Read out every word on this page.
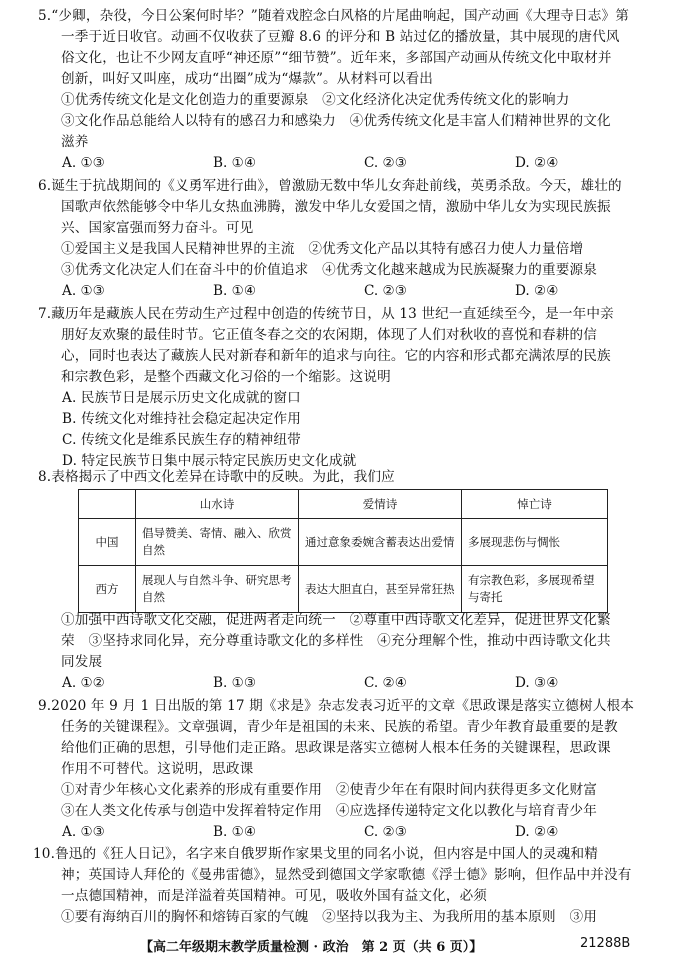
5.“少卿，杂役，今日公案何时毕？”随着戏腔念白风格的片尾曲响起，国产动画《大理寺日志》第
一季于近日收官。动画不仅收获了豆瓣 8.6 的评分和 B 站过亿的播放量，其中展现的唐代风
俗文化，也让不少网友直呼“神还原”“细节赞”。近年来，多部国产动画从传统文化中取材并
创新，叫好又叫座，成功“出圈”成为“爆款”。从材料可以看出
①优秀传统文化是文化创造力的重要源泉　②文化经济化决定优秀传统文化的影响力
③文化作品总能给人以特有的感召力和感染力　④优秀传统文化是丰富人们精神世界的文化
滋养
A. ①③	B. ①④	C. ②③	D. ②④
6.诞生于抗战期间的《义勇军进行曲》，曾激励无数中华儿女奔赴前线，英勇杀敌。今天，雄壮的
国歌声依然能够令中华儿女热血沸腾，激发中华儿女爱国之情，激励中华儿女为实现民族振
兴、国家富强而努力奋斗。可见
①爱国主义是我国人民精神世界的主流　②优秀文化产品以其特有感召力使人力量倍增
③优秀文化决定人们在奋斗中的价值追求　④优秀文化越来越成为民族凝聚力的重要源泉
A. ①③	B. ①④	C. ②③	D. ②④
7.藏历年是藏族人民在劳动生产过程中创造的传统节日，从 13 世纪一直延续至今，是一年中亲
朋好友欢聚的最佳时节。它正值冬春之交的农闲期，体现了人们对秋收的喜悦和春耕的信
心，同时也表达了藏族人民对新春和新年的追求与向往。它的内容和形式都充满浓厚的民族
和宗教色彩，是整个西藏文化习俗的一个缩影。这说明
A. 民族节日是展示历史文化成就的窗口
B. 传统文化对维持社会稳定起决定作用
C. 传统文化是维系民族生存的精神纽带
D. 特定民族节日集中展示特定民族历史文化成就
8.表格揭示了中西文化差异在诗歌中的反映。为此，我们应
	山水诗	爱情诗	悼亡诗
中国	倡导赞美、寄情、融入、欣赏自然	通过意象委婉含蓄表达出爱情	多展现悲伤与惆怅
西方	展现人与自然斗争、研究思考自然	表达大胆直白，甚至异常狂热	有宗教色彩，多展现希望与寄托
①加强中西诗歌文化交融，促进两者走向统一　②尊重中西诗歌文化差异，促进世界文化繁
荣　③坚持求同化异，充分尊重诗歌文化的多样性　④充分理解个性，推动中西诗歌文化共
同发展
A. ①②	B. ①③	C. ②④	D. ③④
9.2020 年 9 月 1 日出版的第 17 期《求是》杂志发表习近平的文章《思政课是落实立德树人根本
任务的关键课程》。文章强调，青少年是祖国的未来、民族的希望。青少年教育最重要的是教
给他们正确的思想，引导他们走正路。思政课是落实立德树人根本任务的关键课程，思政课
作用不可替代。这说明，思政课
①对青少年核心文化素养的形成有重要作用　②使青少年在有限时间内获得更多文化财富
③在人类文化传承与创造中发挥着特定作用　④应选择传递特定文化以教化与培育青少年
A. ①③	B. ①④	C. ②③	D. ②④
10.鲁迅的《狂人日记》，名字来自俄罗斯作家果戈里的同名小说，但内容是中国人的灵魂和精
神；英国诗人拜伦的《曼弗雷德》，显然受到德国文学家歌德《浮士德》影响，但作品中并没有
一点德国精神，而是洋溢着英国精神。可见，吸收外国有益文化，必须
①要有海纳百川的胸怀和熔铸百家的气魄　②坚持以我为主、为我所用的基本原则　③用
【高二年级期末教学质量检测 · 政治　第 2 页（共 6 页）】	21288B
